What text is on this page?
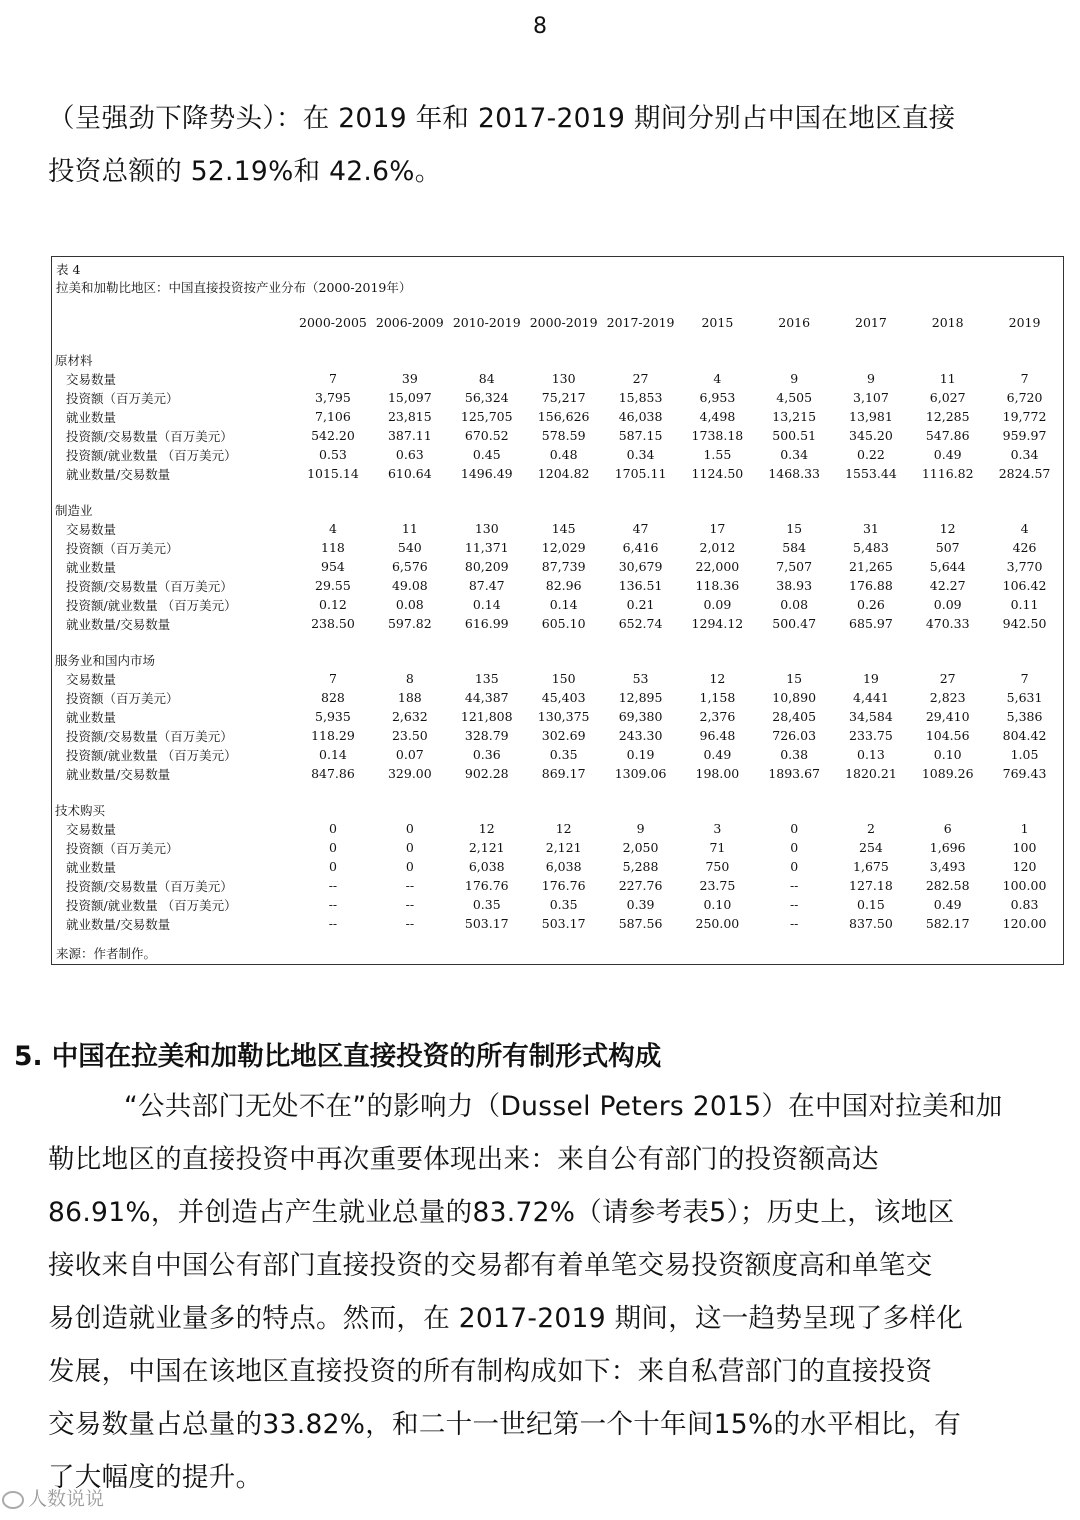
8

（呈强劲下降势头）：在 2019 年和 2017-2019 期间分别占中国在地区直接

投资总额的 52.19%和 42.6%。

表 4
拉美和加勒比地区：中国直接投资按产业分布（2000-2019年）
	2000-2005	2006-2009	2010-2019	2000-2019	2017-2019	2015	2016	2017	2018	2019

原材料										
交易数量	7	39	84	130	27	4	9	9	11	7
投资额（百万美元）	3,795	15,097	56,324	75,217	15,853	6,953	4,505	3,107	6,027	6,720
就业数量	7,106	23,815	125,705	156,626	46,038	4,498	13,215	13,981	12,285	19,772
投资额/交易数量（百万美元）	542.20	387.11	670.52	578.59	587.15	1738.18	500.51	345.20	547.86	959.97
投资额/就业数量 （百万美元）	0.53	0.63	0.45	0.48	0.34	1.55	0.34	0.22	0.49	0.34
就业数量/交易数量	1015.14	610.64	1496.49	1204.82	1705.11	1124.50	1468.33	1553.44	1116.82	2824.57

制造业										
交易数量	4	11	130	145	47	17	15	31	12	4
投资额（百万美元）	118	540	11,371	12,029	6,416	2,012	584	5,483	507	426
就业数量	954	6,576	80,209	87,739	30,679	22,000	7,507	21,265	5,644	3,770
投资额/交易数量（百万美元）	29.55	49.08	87.47	82.96	136.51	118.36	38.93	176.88	42.27	106.42
投资额/就业数量 （百万美元）	0.12	0.08	0.14	0.14	0.21	0.09	0.08	0.26	0.09	0.11
就业数量/交易数量	238.50	597.82	616.99	605.10	652.74	1294.12	500.47	685.97	470.33	942.50

服务业和国内市场										
交易数量	7	8	135	150	53	12	15	19	27	7
投资额（百万美元）	828	188	44,387	45,403	12,895	1,158	10,890	4,441	2,823	5,631
就业数量	5,935	2,632	121,808	130,375	69,380	2,376	28,405	34,584	29,410	5,386
投资额/交易数量（百万美元）	118.29	23.50	328.79	302.69	243.30	96.48	726.03	233.75	104.56	804.42
投资额/就业数量 （百万美元）	0.14	0.07	0.36	0.35	0.19	0.49	0.38	0.13	0.10	1.05
就业数量/交易数量	847.86	329.00	902.28	869.17	1309.06	198.00	1893.67	1820.21	1089.26	769.43

技术购买										
交易数量	0	0	12	12	9	3	0	2	6	1
投资额（百万美元）	0	0	2,121	2,121	2,050	71	0	254	1,696	100
就业数量	0	0	6,038	6,038	5,288	750	0	1,675	3,493	120
投资额/交易数量（百万美元）	--	--	176.76	176.76	227.76	23.75	--	127.18	282.58	100.00
投资额/就业数量 （百万美元）	--	--	0.35	0.35	0.39	0.10	--	0.15	0.49	0.83
就业数量/交易数量	--	--	503.17	503.17	587.56	250.00	--	837.50	582.17	120.00
来源：作者制作。
5. 中国在拉美和加勒比地区直接投资的所有制形式构成

“公共部门无处不在”的影响力（Dussel Peters 2015）在中国对拉美和加

勒比地区的直接投资中再次重要体现出来：来自公有部门的投资额高达

86.91%，并创造占产生就业总量的83.72%（请参考表5）；历史上，该地区

接收来自中国公有部门直接投资的交易都有着单笔交易投资额度高和单笔交

易创造就业量多的特点。然而，在 2017-2019 期间，这一趋势呈现了多样化

发展，中国在该地区直接投资的所有制构成如下：来自私营部门的直接投资

交易数量占总量的33.82%，和二十一世纪第一个十年间15%的水平相比，有

了大幅度的提升。

人数说说
